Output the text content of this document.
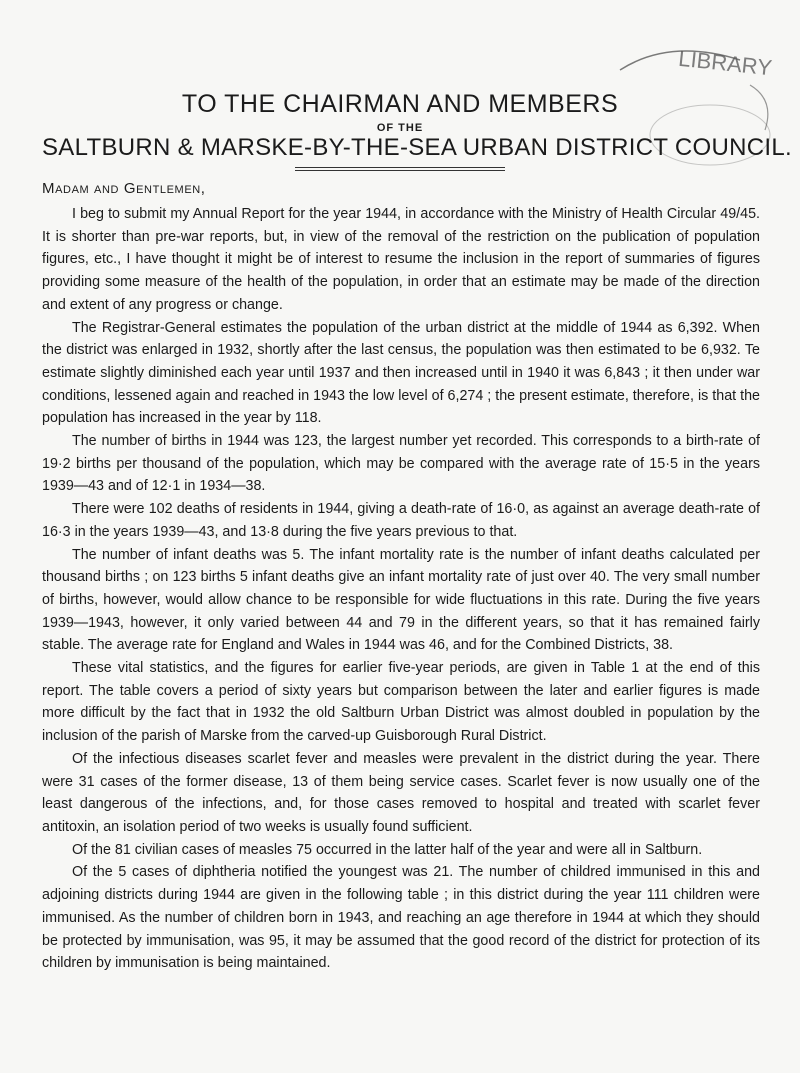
LIBRARY
TO THE CHAIRMAN AND MEMBERS
OF THE
SALTBURN & MARSKE-BY-THE-SEA URBAN DISTRICT COUNCIL.
Madam and Gentlemen,

I beg to submit my Annual Report for the year 1944, in accordance with the Ministry of Health Circular 49/45. It is shorter than pre-war reports, but, in view of the removal of the restriction on the publication of population figures, etc., I have thought it might be of interest to resume the inclusion in the report of summaries of figures providing some measure of the health of the population, in order that an estimate may be made of the direction and extent of any progress or change.

The Registrar-General estimates the population of the urban district at the middle of 1944 as 6,392. When the district was enlarged in 1932, shortly after the last census, the population was then estimated to be 6,932. Te estimate slightly diminished each year until 1937 and then increased until in 1940 it was 6,843 ; it then under war conditions, lessened again and reached in 1943 the low level of 6,274 ; the present estimate, therefore, is that the population has increased in the year by 118.

The number of births in 1944 was 123, the largest number yet recorded. This corresponds to a birth-rate of 19·2 births per thousand of the population, which may be compared with the average rate of 15·5 in the years 1939—43 and of 12·1 in 1934—38.

There were 102 deaths of residents in 1944, giving a death-rate of 16·0, as against an average death-rate of 16·3 in the years 1939—43, and 13·8 during the five years previous to that.

The number of infant deaths was 5. The infant mortality rate is the number of infant deaths calculated per thousand births ; on 123 births 5 infant deaths give an infant mortality rate of just over 40. The very small number of births, however, would allow chance to be responsible for wide fluctuations in this rate. During the five years 1939—1943, however, it only varied between 44 and 79 in the different years, so that it has remained fairly stable. The average rate for England and Wales in 1944 was 46, and for the Combined Districts, 38.

These vital statistics, and the figures for earlier five-year periods, are given in Table 1 at the end of this report. The table covers a period of sixty years but comparison between the later and earlier figures is made more difficult by the fact that in 1932 the old Saltburn Urban District was almost doubled in population by the inclusion of the parish of Marske from the carved-up Guisborough Rural District.

Of the infectious diseases scarlet fever and measles were prevalent in the district during the year. There were 31 cases of the former disease, 13 of them being service cases. Scarlet fever is now usually one of the least dangerous of the infections, and, for those cases removed to hospital and treated with scarlet fever antitoxin, an isolation period of two weeks is usually found sufficient.

Of the 81 civilian cases of measles 75 occurred in the latter half of the year and were all in Saltburn.

Of the 5 cases of diphtheria notified the youngest was 21. The number of childred immunised in this and adjoining districts during 1944 are given in the following table ; in this district during the year 111 children were immunised. As the number of children born in 1943, and reaching an age therefore in 1944 at which they should be protected by immunisation, was 95, it may be assumed that the good record of the district for protection of its children by immunisation is being maintained.
